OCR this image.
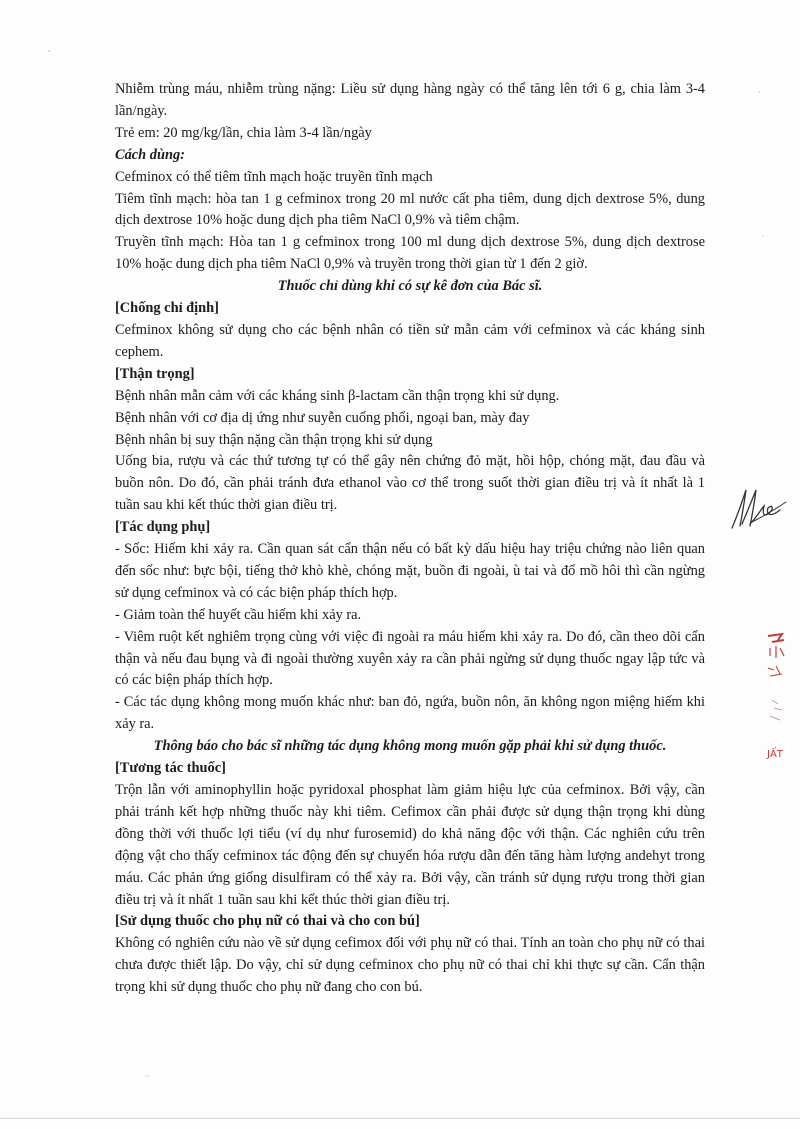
Nhiễm trùng máu, nhiễm trùng nặng: Liều sử dụng hàng ngày có thể tăng lên tới 6 g, chia làm 3-4 lần/ngày.

Trẻ em: 20 mg/kg/lần, chia làm 3-4 lần/ngày

Cách dùng:

Cefminox có thể tiêm tĩnh mạch hoặc truyền tĩnh mạch

Tiêm tĩnh mạch: hòa tan 1 g cefminox trong 20 ml nước cất pha tiêm, dung dịch dextrose 5%, dung dịch dextrose 10% hoặc dung dịch pha tiêm NaCl 0,9% và tiêm chậm.

Truyền tĩnh mạch: Hòa tan 1 g cefminox trong 100 ml dung dịch dextrose 5%, dung dịch dextrose 10% hoặc dung dịch pha tiêm NaCl 0,9% và truyền trong thời gian từ 1 đến 2 giờ.

Thuốc chỉ dùng khi có sự kê đơn của Bác sĩ.

[Chống chỉ định]

Cefminox không sử dụng cho các bệnh nhân có tiền sử mẫn cảm với cefminox và các kháng sinh cephem.

[Thận trọng]

Bệnh nhân mẫn cảm với các kháng sinh β-lactam cần thận trọng khi sử dụng.

Bệnh nhân với cơ địa dị ứng như suyễn cuống phổi, ngoại ban, mày đay

Bệnh nhân bị suy thận nặng cần thận trọng khi sử dụng

Uống bia, rượu và các thứ tương tự có thể gây nên chứng đỏ mặt, hồi hộp, chóng mặt, đau đầu và buồn nôn. Do đó, cần phải tránh đưa ethanol vào cơ thể trong suốt thời gian điều trị và ít nhất là 1 tuần sau khi kết thúc thời gian điều trị.

[Tác dụng phụ]

- Sốc: Hiếm khi xảy ra. Cần quan sát cẩn thận nếu có bất kỳ dấu hiệu hay triệu chứng nào liên quan đến sốc như: bực bội, tiếng thở khò khè, chóng mặt, buồn đi ngoài, ù tai và đổ mồ hôi thì cần ngừng sử dụng cefminox và có các biện pháp thích hợp.

- Giảm toàn thể huyết cầu hiếm khi xảy ra.

- Viêm ruột kết nghiêm trọng cùng với việc đi ngoài ra máu hiếm khi xảy ra. Do đó, cần theo dõi cẩn thận và nếu đau bụng và đi ngoài thường xuyên xảy ra cần phải ngừng sử dụng thuốc ngay lập tức và có các biện pháp thích hợp.

- Các tác dụng không mong muốn khác như: ban đỏ, ngứa, buồn nôn, ăn không ngon miệng hiếm khi xảy ra.

Thông báo cho bác sĩ những tác dụng không mong muốn gặp phải khi sử dụng thuốc.

[Tương tác thuốc]

Trộn lẫn với aminophyllin hoặc pyridoxal phosphat làm giảm hiệu lực của cefminox. Bởi vậy, cần phải tránh kết hợp những thuốc này khi tiêm. Cefimox cần phải được sử dụng thận trọng khi dùng đồng thời với thuốc lợi tiểu (ví dụ như furosemid) do khả năng độc với thận. Các nghiên cứu trên động vật cho thấy cefminox tác động đến sự chuyển hóa rượu dẫn đến tăng hàm lượng andehyt trong máu. Các phản ứng giống disulfiram có thể xảy ra. Bởi vậy, cần tránh sử dụng rượu trong thời gian điều trị và ít nhất 1 tuần sau khi kết thúc thời gian điều trị.

[Sử dụng thuốc cho phụ nữ có thai và cho con bú]

Không có nghiên cứu nào về sử dụng cefimox đối với phụ nữ có thai. Tính an toàn cho phụ nữ có thai chưa được thiết lập. Do vậy, chỉ sử dụng cefminox cho phụ nữ có thai chỉ khi thực sự cần. Cẩn thận trọng khi sử dụng thuốc cho phụ nữ đang cho con bú.

JẤT
·
·
,
··
